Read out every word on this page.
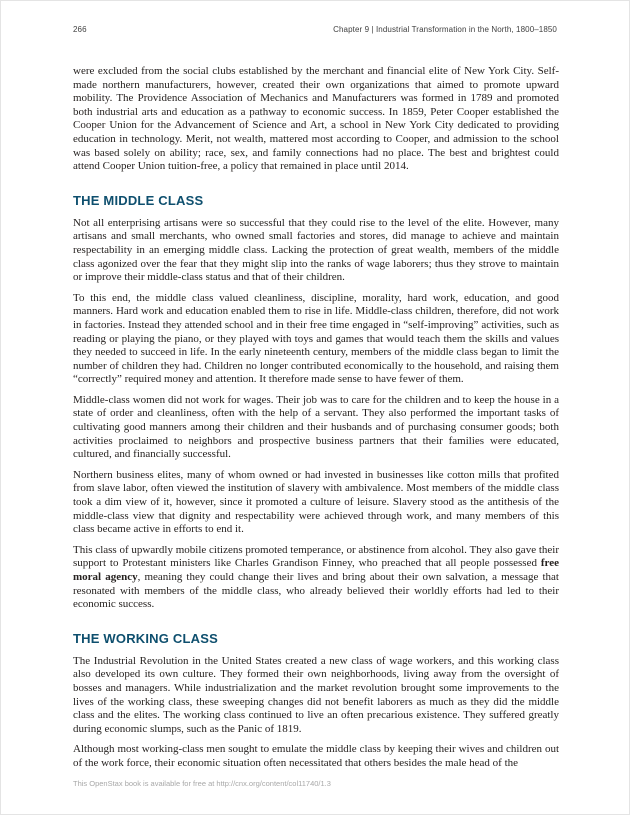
266	Chapter 9 | Industrial Transformation in the North, 1800–1850

were excluded from the social clubs established by the merchant and financial elite of New York City. Self-made northern manufacturers, however, created their own organizations that aimed to promote upward mobility. The Providence Association of Mechanics and Manufacturers was formed in 1789 and promoted both industrial arts and education as a pathway to economic success. In 1859, Peter Cooper established the Cooper Union for the Advancement of Science and Art, a school in New York City dedicated to providing education in technology. Merit, not wealth, mattered most according to Cooper, and admission to the school was based solely on ability; race, sex, and family connections had no place. The best and brightest could attend Cooper Union tuition-free, a policy that remained in place until 2014.

THE MIDDLE CLASS

Not all enterprising artisans were so successful that they could rise to the level of the elite. However, many artisans and small merchants, who owned small factories and stores, did manage to achieve and maintain respectability in an emerging middle class. Lacking the protection of great wealth, members of the middle class agonized over the fear that they might slip into the ranks of wage laborers; thus they strove to maintain or improve their middle-class status and that of their children.

To this end, the middle class valued cleanliness, discipline, morality, hard work, education, and good manners. Hard work and education enabled them to rise in life. Middle-class children, therefore, did not work in factories. Instead they attended school and in their free time engaged in “self-improving” activities, such as reading or playing the piano, or they played with toys and games that would teach them the skills and values they needed to succeed in life. In the early nineteenth century, members of the middle class began to limit the number of children they had. Children no longer contributed economically to the household, and raising them “correctly” required money and attention. It therefore made sense to have fewer of them.

Middle-class women did not work for wages. Their job was to care for the children and to keep the house in a state of order and cleanliness, often with the help of a servant. They also performed the important tasks of cultivating good manners among their children and their husbands and of purchasing consumer goods; both activities proclaimed to neighbors and prospective business partners that their families were educated, cultured, and financially successful.

Northern business elites, many of whom owned or had invested in businesses like cotton mills that profited from slave labor, often viewed the institution of slavery with ambivalence. Most members of the middle class took a dim view of it, however, since it promoted a culture of leisure. Slavery stood as the antithesis of the middle-class view that dignity and respectability were achieved through work, and many members of this class became active in efforts to end it.

This class of upwardly mobile citizens promoted temperance, or abstinence from alcohol. They also gave their support to Protestant ministers like Charles Grandison Finney, who preached that all people possessed free moral agency, meaning they could change their lives and bring about their own salvation, a message that resonated with members of the middle class, who already believed their worldly efforts had led to their economic success.

THE WORKING CLASS

The Industrial Revolution in the United States created a new class of wage workers, and this working class also developed its own culture. They formed their own neighborhoods, living away from the oversight of bosses and managers. While industrialization and the market revolution brought some improvements to the lives of the working class, these sweeping changes did not benefit laborers as much as they did the middle class and the elites. The working class continued to live an often precarious existence. They suffered greatly during economic slumps, such as the Panic of 1819.

Although most working-class men sought to emulate the middle class by keeping their wives and children out of the work force, their economic situation often necessitated that others besides the male head of the

This OpenStax book is available for free at http://cnx.org/content/col11740/1.3
